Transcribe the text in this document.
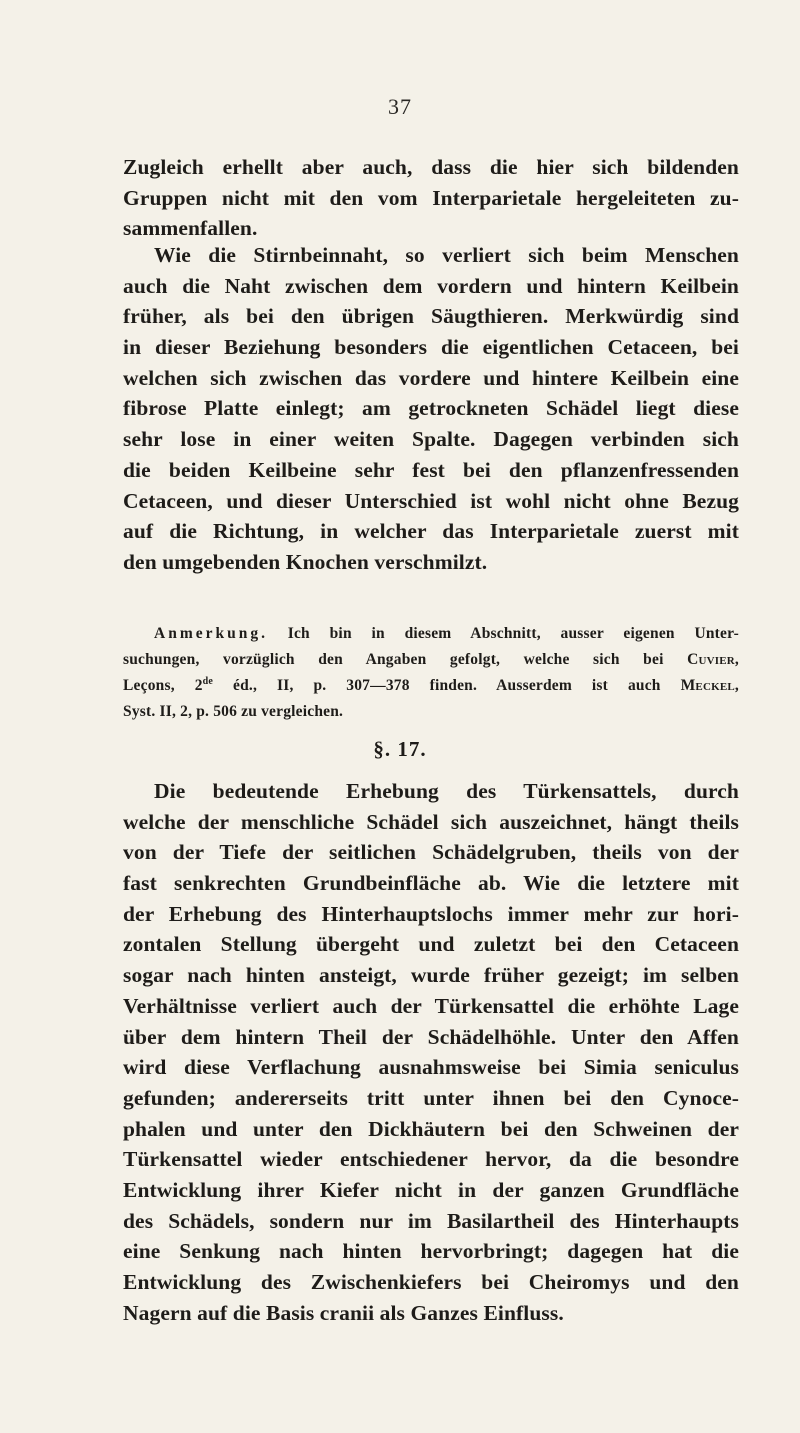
37
Zugleich erhellt aber auch, dass die hier sich bildenden
Gruppen nicht mit den vom Interparietale hergeleiteten zu-
sammenfallen.
Wie die Stirnbeinnaht, so verliert sich beim Menschen
auch die Naht zwischen dem vordern und hintern Keilbein
früher, als bei den übrigen Säugthieren. Merkwürdig sind
in dieser Beziehung besonders die eigentlichen Cetaceen, bei
welchen sich zwischen das vordere und hintere Keilbein eine
fibrose Platte einlegt; am getrockneten Schädel liegt diese
sehr lose in einer weiten Spalte. Dagegen verbinden sich
die beiden Keilbeine sehr fest bei den pflanzenfressenden
Cetaceen, und dieser Unterschied ist wohl nicht ohne Bezug
auf die Richtung, in welcher das Interparietale zuerst mit
den umgebenden Knochen verschmilzt.
Anmerkung. Ich bin in diesem Abschnitt, ausser eigenen Unter-
suchungen, vorzüglich den Angaben gefolgt, welche sich bei Cuvier,
Leçons, 2de éd., II, p. 307—378 finden. Ausserdem ist auch Meckel,
Syst. II, 2, p. 506 zu vergleichen.
§. 17.
Die bedeutende Erhebung des Türkensattels, durch
welche der menschliche Schädel sich auszeichnet, hängt theils
von der Tiefe der seitlichen Schädelgruben, theils von der
fast senkrechten Grundbeinfläche ab. Wie die letztere mit
der Erhebung des Hinterhauptslochs immer mehr zur hori-
zontalen Stellung übergeht und zuletzt bei den Cetaceen
sogar nach hinten ansteigt, wurde früher gezeigt; im selben
Verhältnisse verliert auch der Türkensattel die erhöhte Lage
über dem hintern Theil der Schädelhöhle. Unter den Affen
wird diese Verflachung ausnahmsweise bei Simia seniculus
gefunden; andererseits tritt unter ihnen bei den Cynoce-
phalen und unter den Dickhäutern bei den Schweinen der
Türkensattel wieder entschiedener hervor, da die besondre
Entwicklung ihrer Kiefer nicht in der ganzen Grundfläche
des Schädels, sondern nur im Basilartheil des Hinterhaupts
eine Senkung nach hinten hervorbringt; dagegen hat die
Entwicklung des Zwischenkiefers bei Cheiromys und den
Nagern auf die Basis cranii als Ganzes Einfluss.
